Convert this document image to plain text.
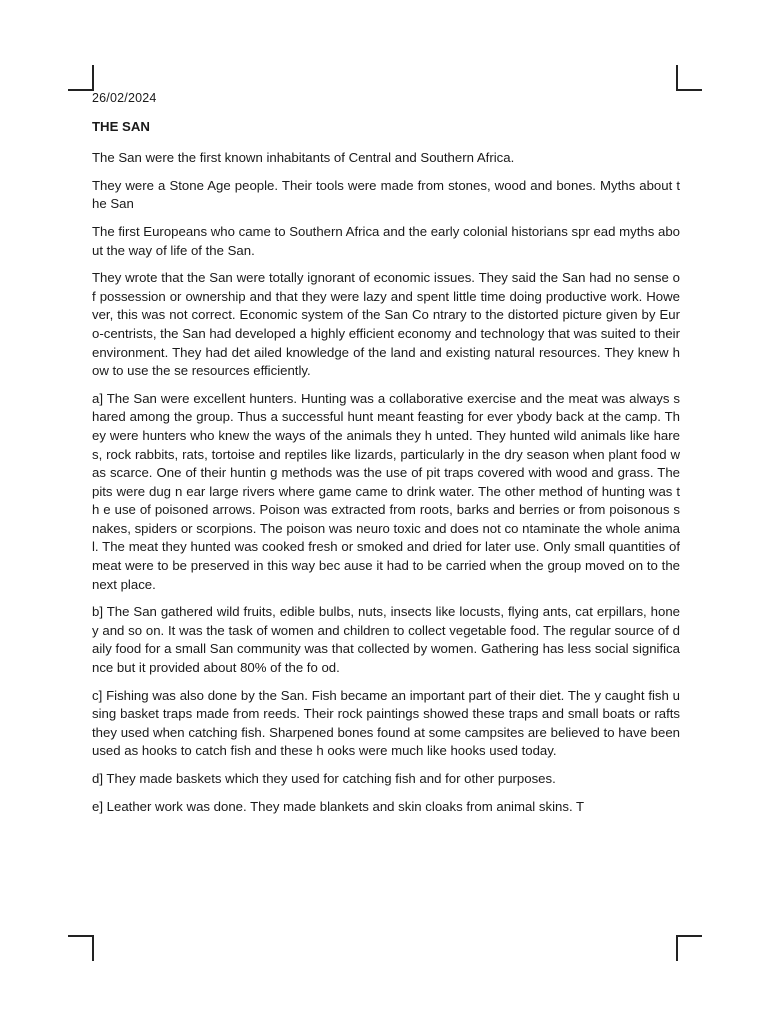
26/02/2024

THE SAN

The San were the first known inhabitants of Central and Southern Africa.

They were a Stone Age people. Their tools were made from stones, wood and bones. Myths about the San

The first Europeans who came to Southern Africa and the early colonial historians spr ead myths about the way of life of the San.

They wrote that the San were totally ignorant of economic issues. They said the San had no sense of possession or ownership and that they were lazy and spent little time doing productive work. However, this was not correct. Economic system of the San Co ntrary to the distorted picture given by Euro-centrists, the San had developed a highly efficient economy and technology that was suited to their environment. They had det ailed knowledge of the land and existing natural resources. They knew how to use the se resources efficiently.

a] The San were excellent hunters. Hunting was a collaborative exercise and the meat was always shared among the group. Thus a successful hunt meant feasting for ever ybody back at the camp. They were hunters who knew the ways of the animals they h unted. They hunted wild animals like hares, rock rabbits, rats, tortoise and reptiles like lizards, particularly in the dry season when plant food was scarce. One of their huntin g methods was the use of pit traps covered with wood and grass. The pits were dug n ear large rivers where game came to drink water. The other method of hunting was th e use of poisoned arrows. Poison was extracted from roots, barks and berries or from poisonous snakes, spiders or scorpions. The poison was neuro toxic and does not co ntaminate the whole animal. The meat they hunted was cooked fresh or smoked and dried for later use. Only small quantities of meat were to be preserved in this way bec ause it had to be carried when the group moved on to the next place.

b] The San gathered wild fruits, edible bulbs, nuts, insects like locusts, flying ants, cat erpillars, honey and so on. It was the task of women and children to collect vegetable food. The regular source of daily food for a small San community was that collected by women. Gathering has less social significance but it provided about 80% of the fo od.

c] Fishing was also done by the San. Fish became an important part of their diet. The y caught fish using basket traps made from reeds. Their rock paintings showed these traps and small boats or rafts they used when catching fish. Sharpened bones found at some campsites are believed to have been used as hooks to catch fish and these h ooks were much like hooks used today.

d] They made baskets which they used for catching fish and for other purposes.

e] Leather work was done. They made blankets and skin cloaks from animal skins. T
